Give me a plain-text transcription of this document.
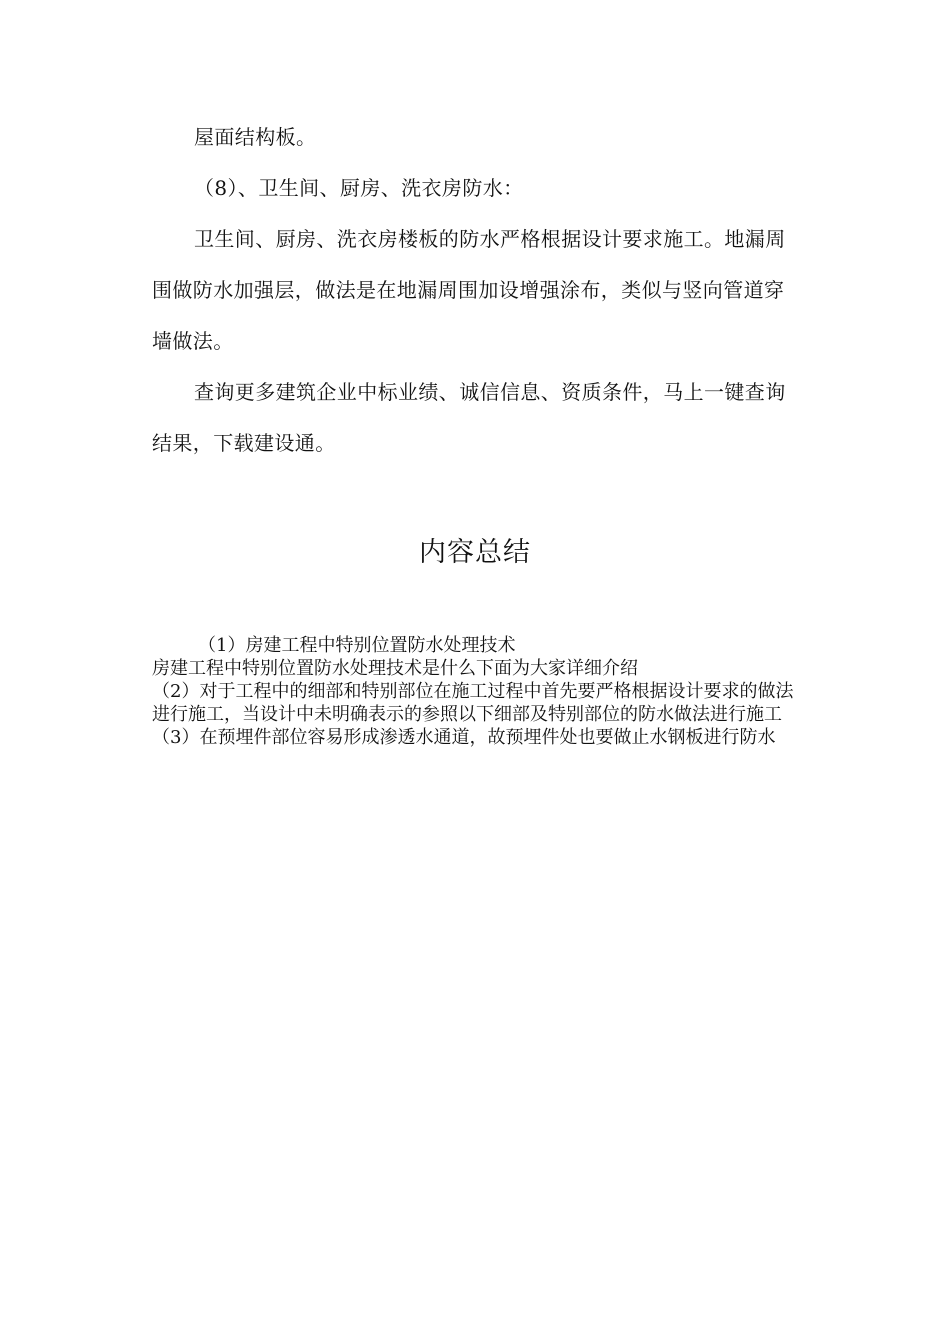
屋面结构板。

（8）、卫生间、厨房、洗衣房防水：

卫生间、厨房、洗衣房楼板的防水严格根据设计要求施工。地漏周围做防水加强层，做法是在地漏周围加设增强涂布，类似与竖向管道穿墙做法。

查询更多建筑企业中标业绩、诚信信息、资质条件，马上一键查询结果，下载建设通。

内容总结

（1）房建工程中特别位置防水处理技术

房建工程中特别位置防水处理技术是什么下面为大家详细介绍

（2）对于工程中的细部和特别部位在施工过程中首先要严格根据设计要求的做法进行施工，当设计中未明确表示的参照以下细部及特别部位的防水做法进行施工

（3）在预埋件部位容易形成渗透水通道，故预埋件处也要做止水钢板进行防水
